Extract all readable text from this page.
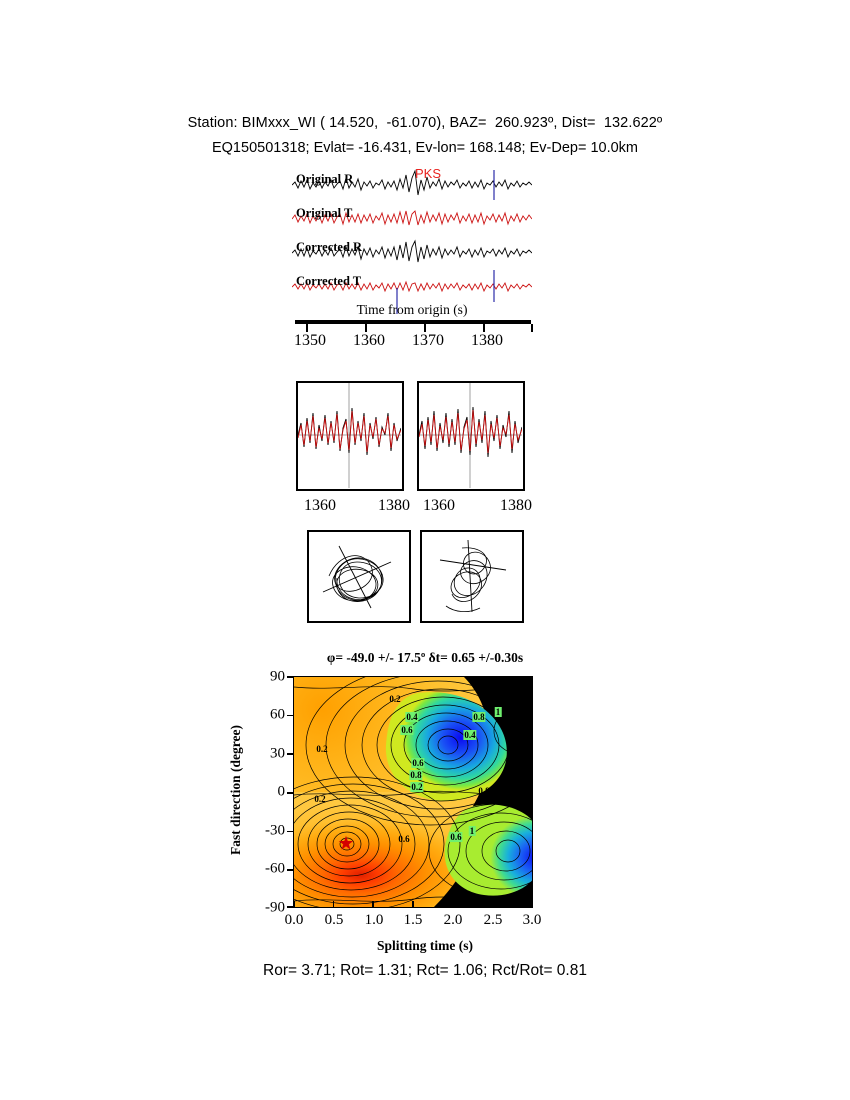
Station: BIMxxx_WI ( 14.520,  -61.070), BAZ=  260.923º, Dist=  132.622º
EQ150501318; Evlat= -16.431, Ev-lon= 168.148; Ev-Dep= 10.0km
Original R
Original T
Corrected R
Corrected T
PKS
Time from origin (s)
1350 1360 1370 1380
1360	1380 1360	1380
φ= -49.0 +/- 17.5º δt= 0.65 +/-0.30s
Fast direction (degree)
90
60
30
0
-30
-60
-90
★
0.2
0.4
0.6
0.8 1
0.2
0.4
0.6
0.8
0.2
0.2
0.8
0.6	0.6
1
0.0 0.5 1.0 1.5 2.0 2.5 3.0
Splitting time (s)
Ror= 3.71; Rot= 1.31; Rct= 1.06; Rct/Rot= 0.81
